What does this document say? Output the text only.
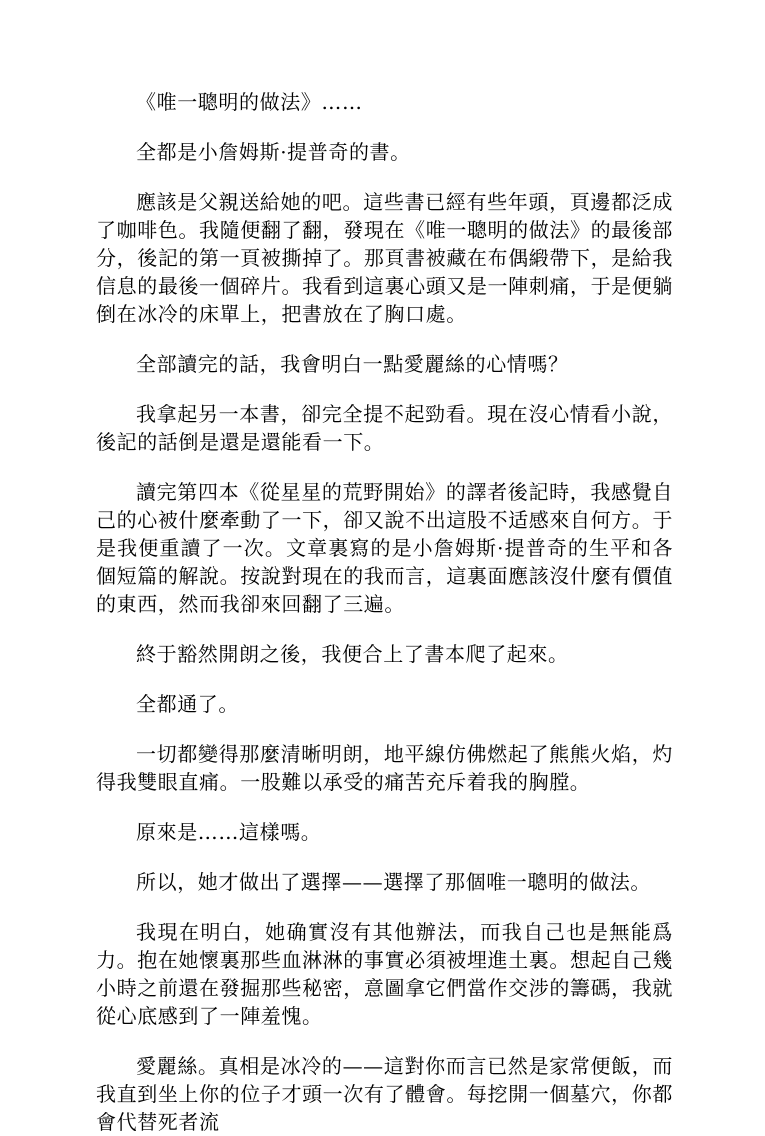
《唯一聰明的做法》……

全都是小詹姆斯·提普奇的書。

應該是父親送給她的吧。這些書已經有些年頭，頁邊都泛成了咖啡色。我隨便翻了翻，發現在《唯一聰明的做法》的最後部分，後記的第一頁被撕掉了。那頁書被藏在布偶緞帶下，是給我信息的最後一個碎片。我看到這裏心頭又是一陣刺痛，于是便躺倒在冰冷的床單上，把書放在了胸口處。

全部讀完的話，我會明白一點愛麗絲的心情嗎？

我拿起另一本書，卻完全提不起勁看。現在沒心情看小說，後記的話倒是還是還能看一下。

讀完第四本《從星星的荒野開始》的譯者後記時，我感覺自己的心被什麼牽動了一下，卻又說不出這股不适感來自何方。于是我便重讀了一次。文章裏寫的是小詹姆斯·提普奇的生平和各個短篇的解說。按說對現在的我而言，這裏面應該沒什麼有價值的東西，然而我卻來回翻了三遍。

終于豁然開朗之後，我便合上了書本爬了起來。

全都通了。

一切都變得那麼清晰明朗，地平線仿佛燃起了熊熊火焰，灼得我雙眼直痛。一股難以承受的痛苦充斥着我的胸膛。

原來是……這樣嗎。

所以，她才做出了選擇——選擇了那個唯一聰明的做法。

我現在明白，她确實沒有其他辦法，而我自己也是無能爲力。抱在她懷裏那些血淋淋的事實必須被埋進土裏。想起自己幾小時之前還在發掘那些秘密，意圖拿它們當作交涉的籌碼，我就從心底感到了一陣羞愧。

愛麗絲。真相是冰冷的——這對你而言已然是家常便飯，而我直到坐上你的位子才頭一次有了體會。每挖開一個墓穴，你都會代替死者流
